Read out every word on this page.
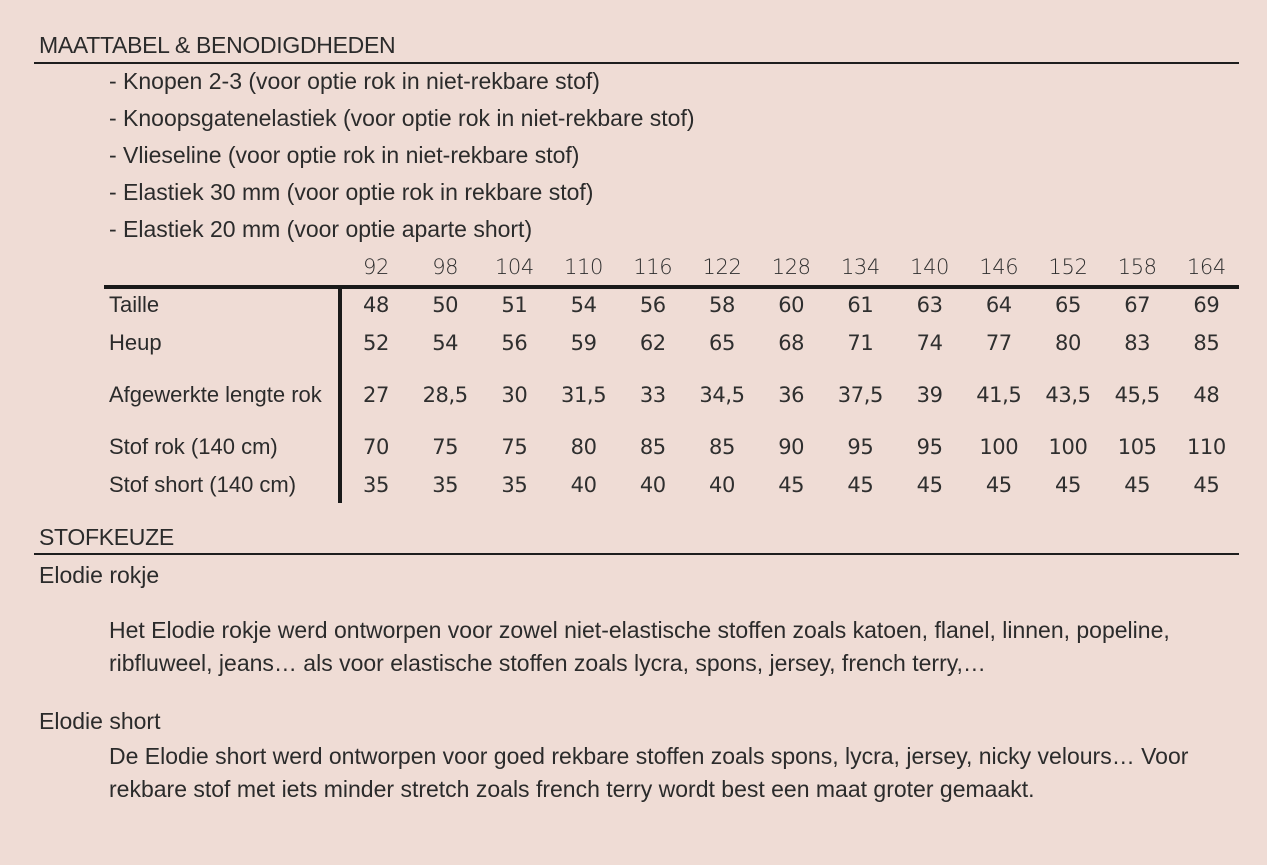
MAATTABEL & BENODIGDHEDEN
- Knopen 2-3 (voor optie rok in niet-rekbare stof)
- Knoopsgatenelastiek (voor optie rok in niet-rekbare stof)
- Vlieseline (voor optie rok in niet-rekbare stof)
- Elastiek 30 mm (voor optie rok in rekbare stof)
- Elastiek 20 mm (voor optie aparte short)
92	98	104	110	116	122	128	134	140	146	152	158	164
Taille	48	50	51	54	56	58	60	61	63	64	65	67	69
Heup	52	54	56	59	62	65	68	71	74	77	80	83	85
Afgewerkte lengte rok	27	28,5	30	31,5	33	34,5	36	37,5	39	41,5	43,5	45,5	48
Stof rok (140 cm)	70	75	75	80	85	85	90	95	95	100	100	105	110
Stof short (140 cm)	35	35	35	40	40	40	45	45	45	45	45	45	45
STOFKEUZE
Elodie rokje
Het Elodie rokje werd ontworpen voor zowel niet-elastische stoffen zoals katoen, flanel, linnen, popeline, ribfluweel, jeans… als voor elastische stoffen zoals lycra, spons, jersey, french terry,…
Elodie short
De Elodie short werd ontworpen voor goed rekbare stoffen zoals spons, lycra, jersey, nicky velours… Voor rekbare stof met iets minder stretch zoals french terry wordt best een maat groter gemaakt.
